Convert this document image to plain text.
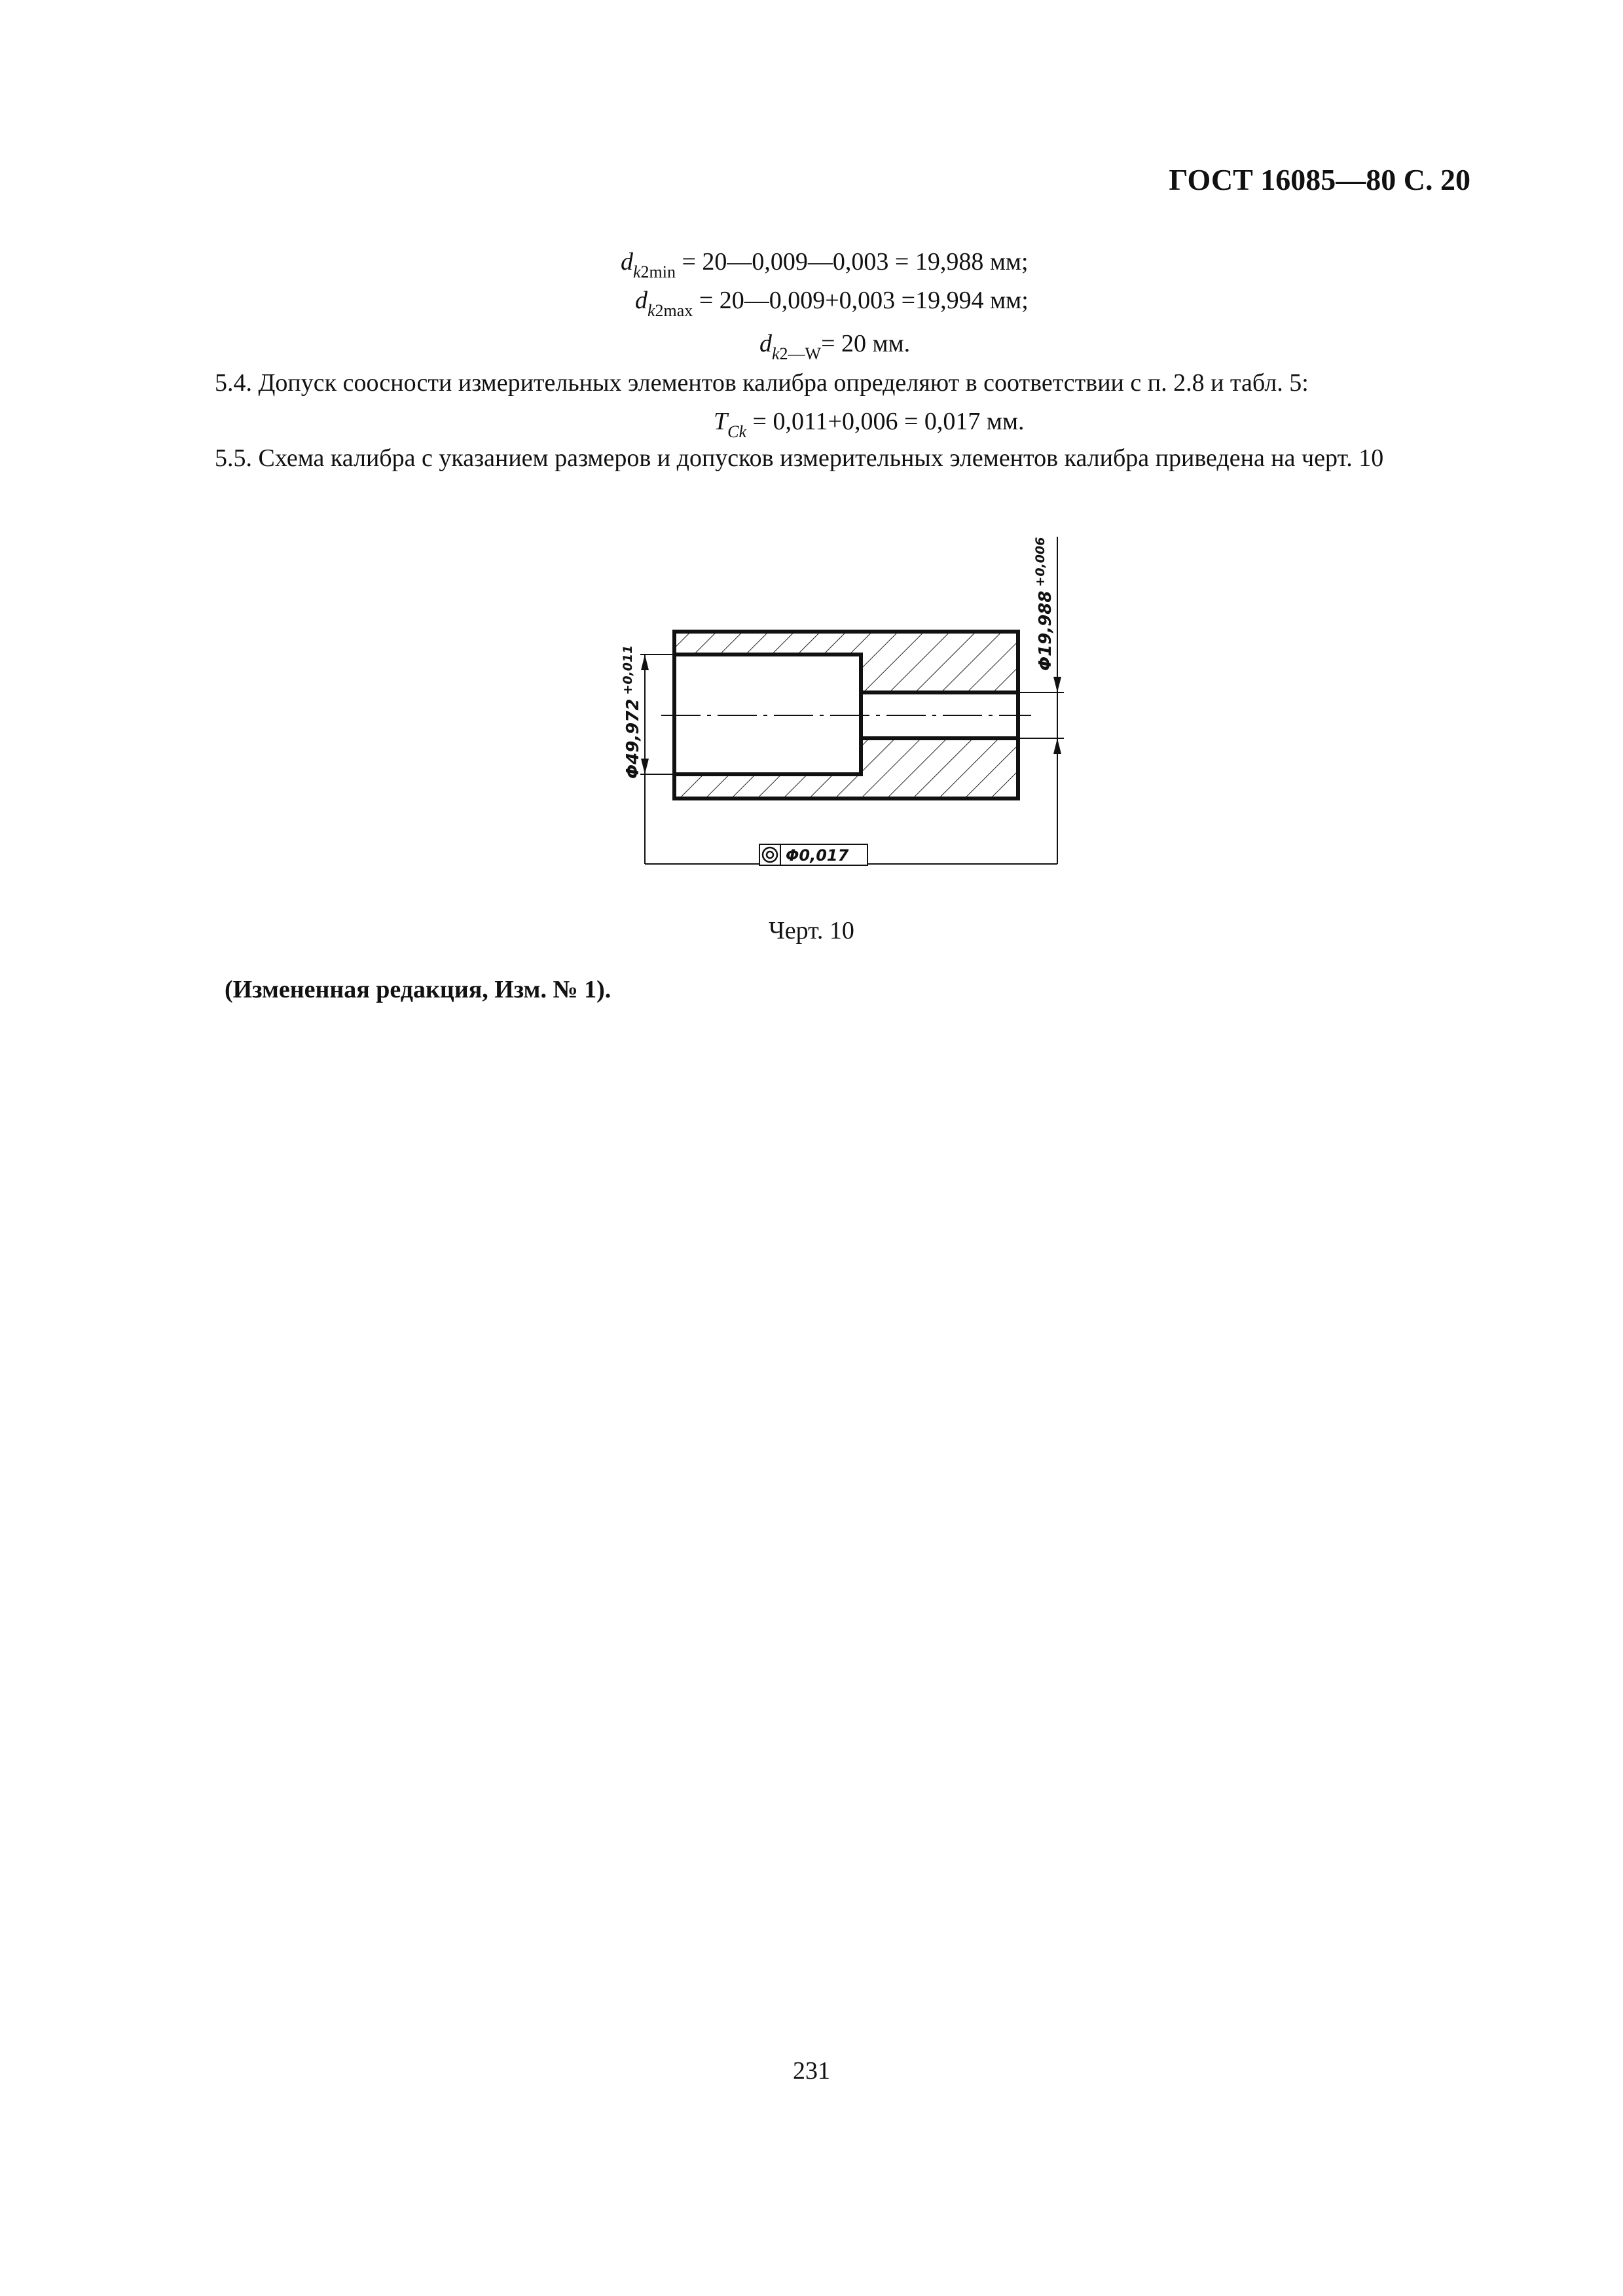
ГОСТ 16085—80 С. 20
$d_{k2min}$ = 20—0,009—0,003 = 19,988 мм;
$d_{k2max}$ = 20—0,009+0,003 =19,994 мм;
$d_{k2—W}= 20$ мм.
5.4. Допуск соосности измерительных элементов калибра определяют в соответствии с п. 2.8 и табл. 5:
$T_{Ck} = 0,011+0,006 = 0,017$ мм.
5.5. Схема калибра с указанием размеров и допусков измерительных элементов калибра приведена на черт. 10
$\Phi 49,972^{+0,011}$	$\Phi 19,988^{+0,006}$
Φ0,017
Черт. 10
(Измененная редакция, Изм. № 1).
231
